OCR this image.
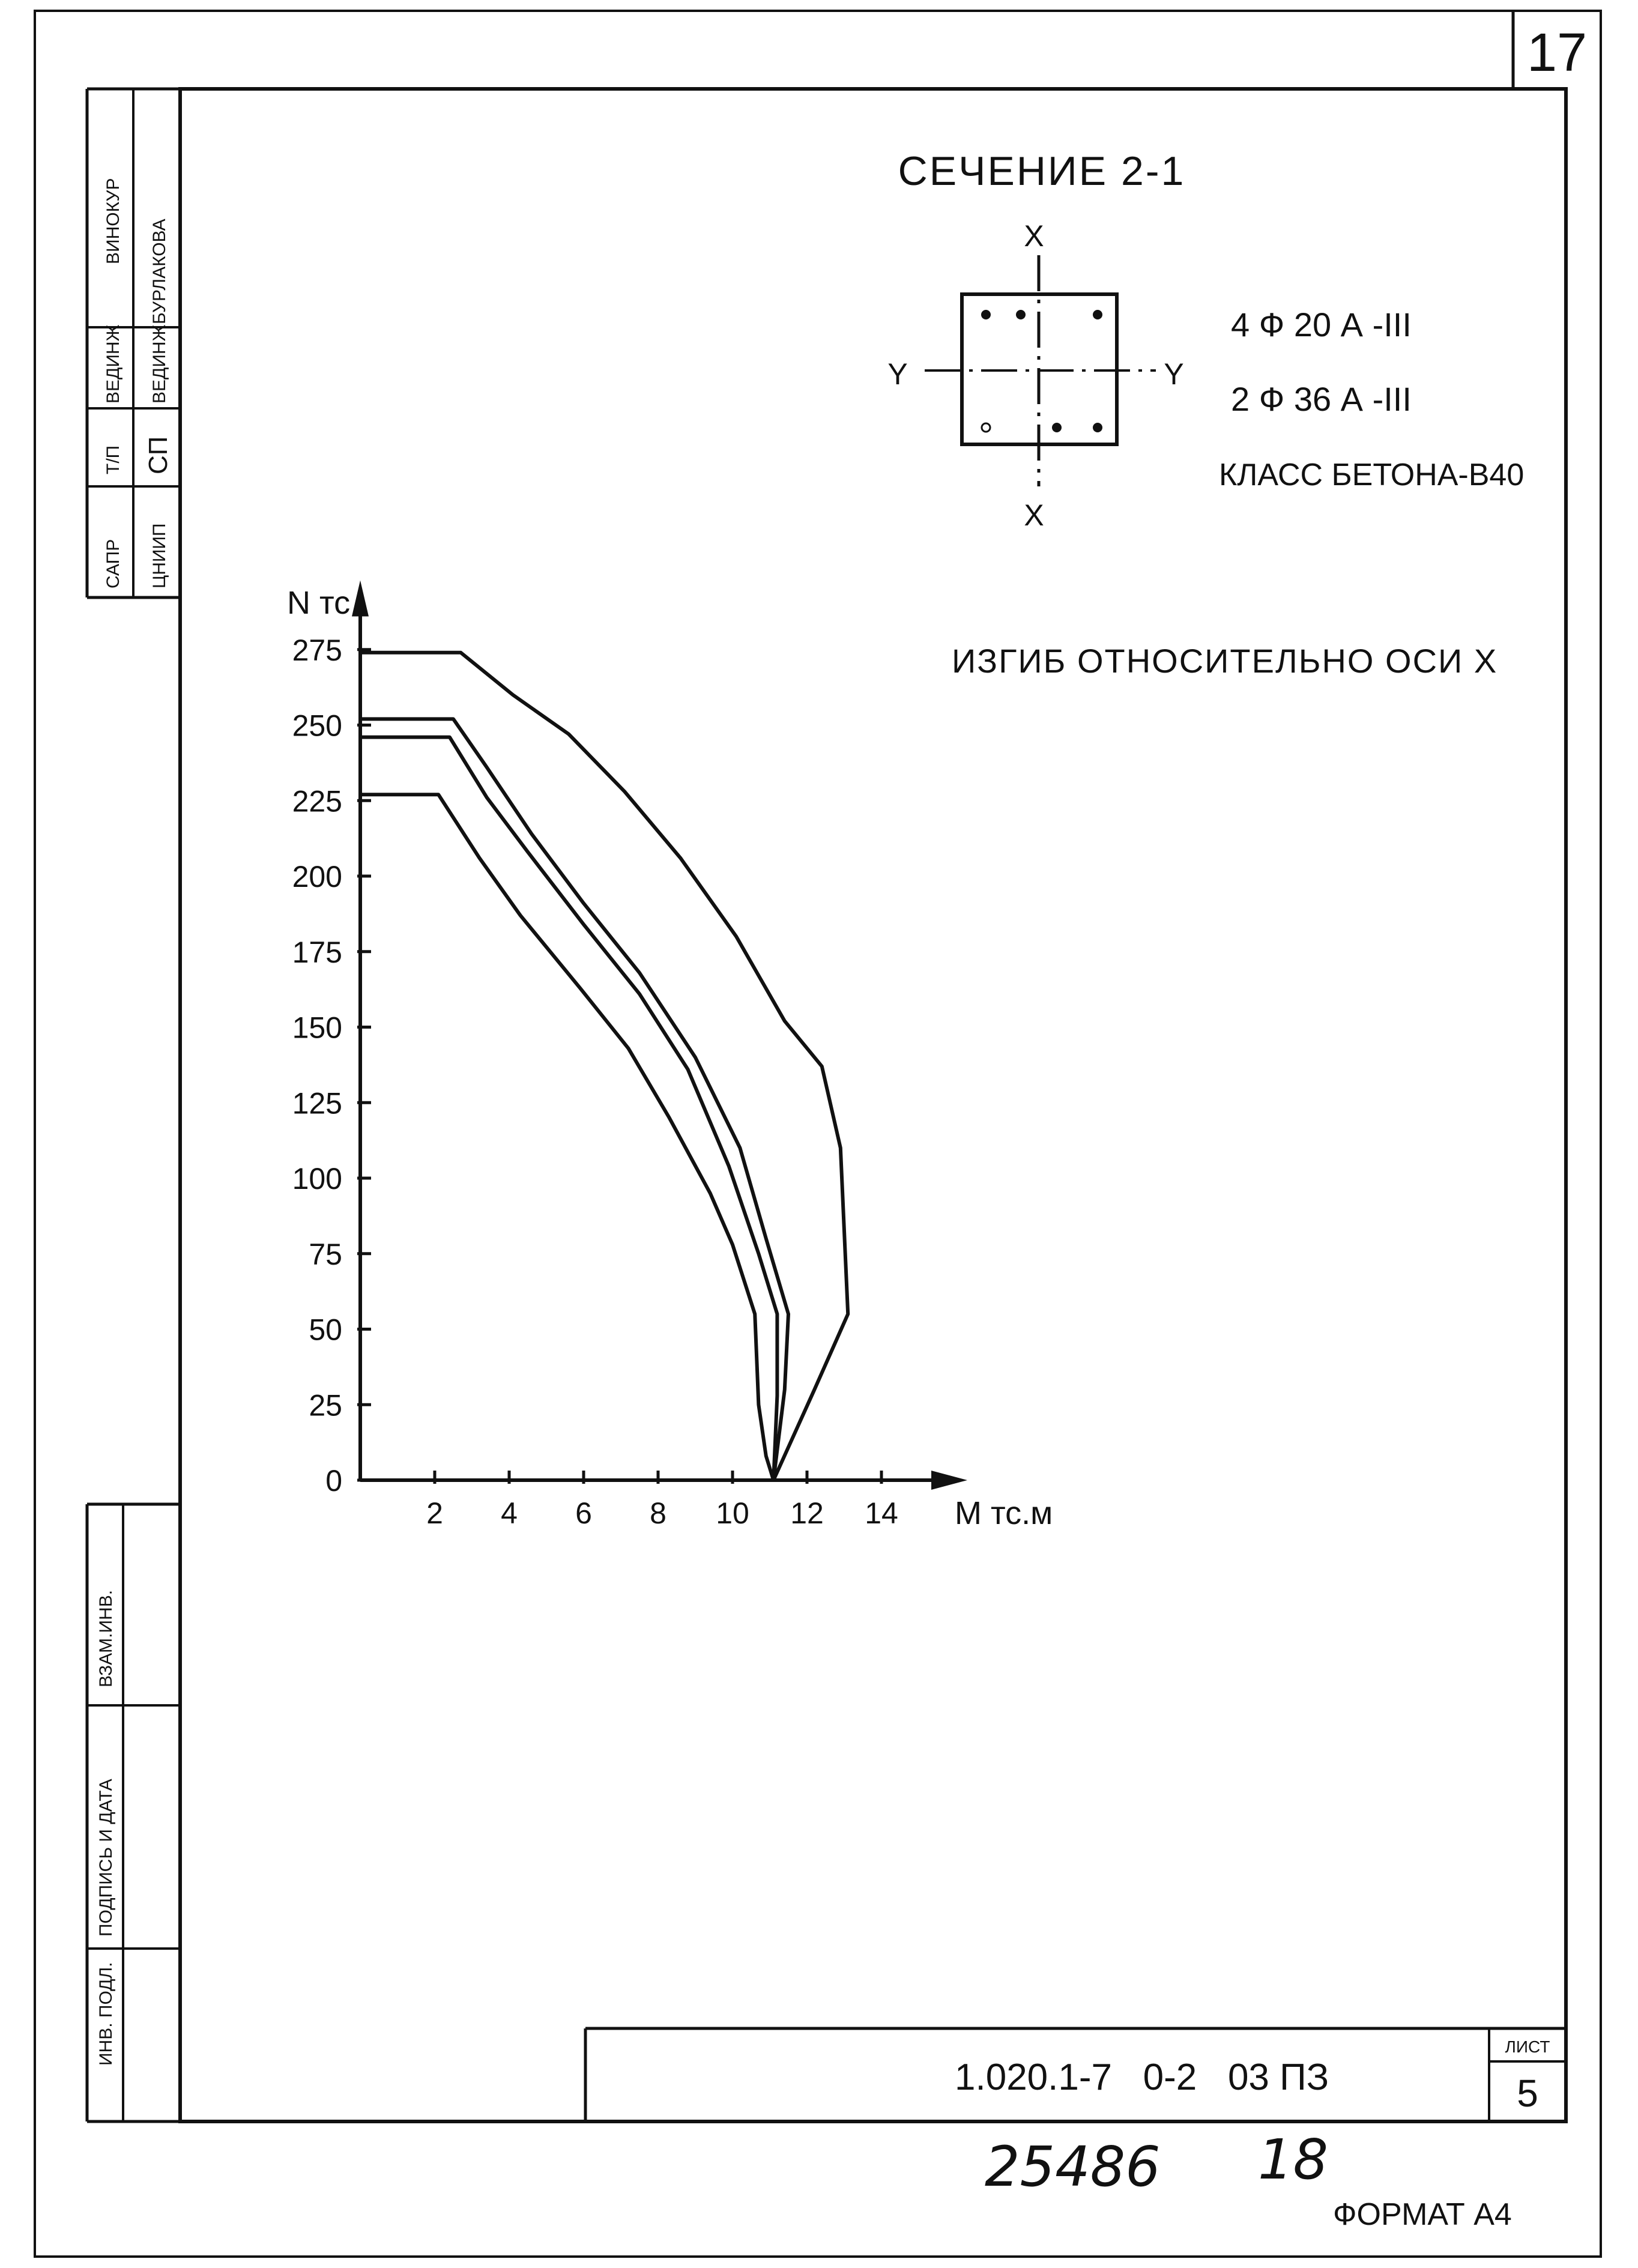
17
ВИНОКУР БУРЛАКОВА
ВЕДИНЖ ВЕДИНЖ
Т/П СП
САПР ЦНИИП
ВЗАМ.ИНВ.
ПОДПИСЬ И ДАТА
ИНВ. ПОДЛ.
СЕЧЕНИЕ 2-1
X
Y	Y
X
4 Ф 20 А -III
2 Ф 36 А -III
КЛАСС БЕТОНА-В40
ИЗГИБ ОТНОСИТЕЛЬНО ОСИ Х
0
25
50
75
100
125
150
175
200
225
250
275
2 4 6 8 10 12 14
N тс
М тс.м
1.020.1-7   0-2   03 ПЗ
ЛИСТ
5
25486 18
ФОРМАТ А4
